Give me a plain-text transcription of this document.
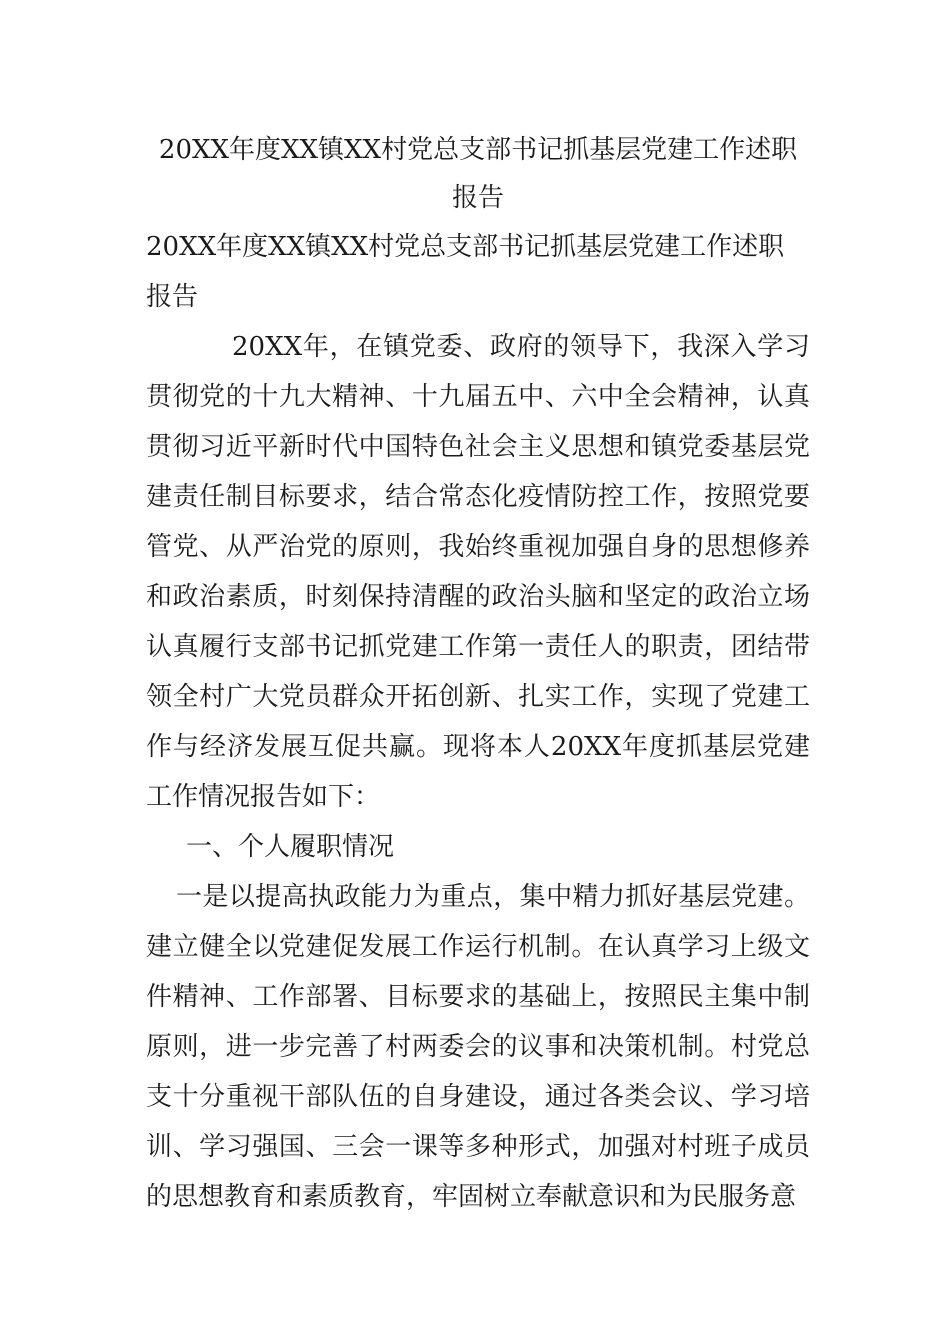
20XX年度XX镇XX村党总支部书记抓基层党建工作述职报告

20XX年度XX镇XX村党总支部书记抓基层党建工作述职报告

20XX年，在镇党委、政府的领导下，我深入学习贯彻党的十九大精神、十九届五中、六中全会精神，认真贯彻习近平新时代中国特色社会主义思想和镇党委基层党建责任制目标要求，结合常态化疫情防控工作，按照党要管党、从严治党的原则，我始终重视加强自身的思想修养和政治素质，时刻保持清醒的政治头脑和坚定的政治立场认真履行支部书记抓党建工作第一责任人的职责，团结带领全村广大党员群众开拓创新、扎实工作，实现了党建工作与经济发展互促共赢。现将本人20XX年度抓基层党建工作情况报告如下：

一、个人履职情况

一是以提高执政能力为重点，集中精力抓好基层党建。建立健全以党建促发展工作运行机制。在认真学习上级文件精神、工作部署、目标要求的基础上，按照民主集中制原则，进一步完善了村两委会的议事和决策机制。村党总支十分重视干部队伍的自身建设，通过各类会议、学习培训、学习强国、三会一课等多种形式，加强对村班子成员的思想教育和素质教育，牢固树立奉献意识和为民服务意
